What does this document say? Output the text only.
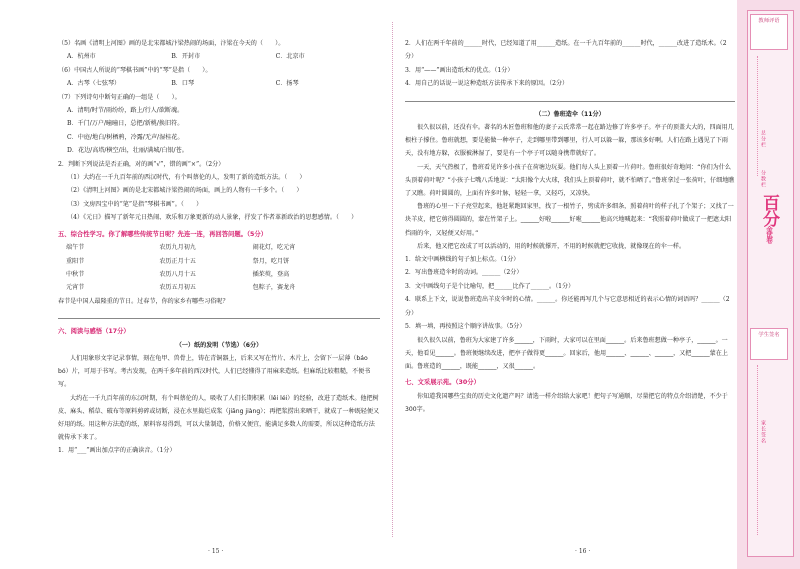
（5）名画《清明上河图》画的是北宋都城汴梁热闹的场面，汴梁在今天的（　　）。
A．杭州市	B．开封市	C．北京市
（6）中国古人所说的“琴棋书画”中的“琴”是指（　　）。
A．古琴（七弦琴）	B．口琴	C．扬琴
（7）下列诗句中断句正确的一组是（　　）。
A．清明/时节/雨纷纷，路上/行人/欲断魂。
B．千门/万户/曈曈日，总把/新桃/换旧符。
C．中庭/地白/树栖鸦，冷露/无声/湿桂花。
D．花边/高塔/横空/出，壮丽/满城/白银/苍。
2．判断下列说法是否正确，对的画“√”，错的画“×”。（2分）
（1）大约在一千九百年前的西汉时代，有个叫蔡伦的人，发明了新的造纸方法。（　　）
（2）《清明上河图》画的是北宋都城汴梁热闹的场面，画上的人物有一千多个。（　　）
（3）文房四宝中的“笔”是指“琴棋书画”。（　　）
（4）《元日》描写了新年元日热闹、欢乐和万象更新的动人景象，抒发了作者革新政治的思想感情。（　　）
五、综合性学习。你了解哪些传统节日呢？先连一连，再回答问题。（5分）
端午节	农历九月初九	闹花灯，吃元宵
重阳节	农历正月十五	祭月，吃月饼
中秋节	农历八月十五	插茱萸，登高
元宵节	农历五月初五	包粽子，赛龙舟
春节是中国人最隆重的节日。过春节，你的家乡有哪些习俗呢？
六、阅读与感悟（17分）
（一）纸的发明（节选）（6分）
人们用象形文字记录事情，刻在龟甲、兽骨上，铸在青铜器上，后来又写在竹片、木片上，会留下一层薄（báo bó）片，可用于书写。考古发现，在两千多年前的西汉时代，人们已经懂得了用麻来造纸。但麻纸比较粗糙，不便书写。
大约在一千九百年前的东汉时期，有个叫蔡伦的人，吸收了人们长期积累（lěi léi）的经验，改进了造纸术。他把树皮、麻头、稻草、破布等原料剪碎或切断，浸在水里捣烂成浆（jiāng jiàng）；再把浆捞出来晒干，就成了一种既轻便又好用的纸。用这种方法造的纸，原料容易得到，可以大量制造，价格又便宜，能满足多数人的需要，所以这种造纸方法就传承下来了。
1．用“___”画出加点字的正确读音。（1分）
· 15 ·
2．人们在两千年前的______时代，已经知道了用______造纸。在一千九百年前的______时代，______改进了造纸术。（2分）
3．用“——”画出造纸术的优点。（1分）
4．用自己的话说一说这种造纸方法传承下来的原因。（2分）
（二）鲁班造伞（11分）
很久很以前，还没有伞。著名的木匠鲁班和他的妻子云氏常常一起在路边修了许多亭子。亭子的顶盖大大的，四面用几根柱子撑住。鲁班就想，要是能做一种亭子，走到哪里带到哪里，行人可以躲一躲，那该多好啊。人们在路上遇见了下雨天，没有地方躲，衣服被淋湿了，要是有一个亭子可以随身携带就好了。
一天，天气热极了，鲁班看见许多小孩子在荷塘边玩耍。他们每人头上顶着一片荷叶。鲁班很好奇地问：“你们为什么头顶着荷叶呢？”小孩子七嘴八舌地说：“太阳像个大火球，我们头上顶着荷叶，就不怕晒了。”鲁班拿过一张荷叶，仔细地瞧了又瞧。荷叶圆圆的，上面有许多叶脉，轻轻一拿，又轻巧，又凉快。
鲁班的心里一下子亮堂起来，他赶紧跑回家里，找了一根竹子，劈成许多细条，照着荷叶的样子扎了个架子；又找了一块羊皮，把它剪得圆圆的，蒙在竹架子上。______好啦______好啦______他高兴地喊起来：“我照着荷叶做成了一把遮太阳挡雨的伞，又轻便又好用。”
后来，他又把它改成了可以活动的，用的时候就撑开，不用的时候就把它收拢，就像现在的伞一样。
1．给文中画横线的句子加上标点。（1分）
2．写出鲁班造伞时的动词。______（2分）
3．文中画线句子是个比喻句，把______比作了______。（1分）
4．联系上下文，说说鲁班造出羊皮伞时的心情。______。你还能再写几个与它意思相近的表示心情的词语吗？______（2分）
5．填一填，再按照这个顺序讲故事。（5分）
很久很久以前，鲁班为大家建了许多______，下雨时，大家可以在里面______。后来鲁班想做一种亭子，______。一天，他看见______。鲁班便继续改进，把亭子做得更______。回家后，他用______、______、______，又把______蒙在上面。鲁班造的______，既能______，又很______。
七、文采展示苑。（30分）
你知道我国哪些宝贵的历史文化遗产吗？请选一样介绍给大家吧！把句子写通顺，尽量把它的特点介绍清楚，不少于300字。
· 16 ·
教师评语
总分栏
分数栏
百分金试卷
学生签名
家长签名
